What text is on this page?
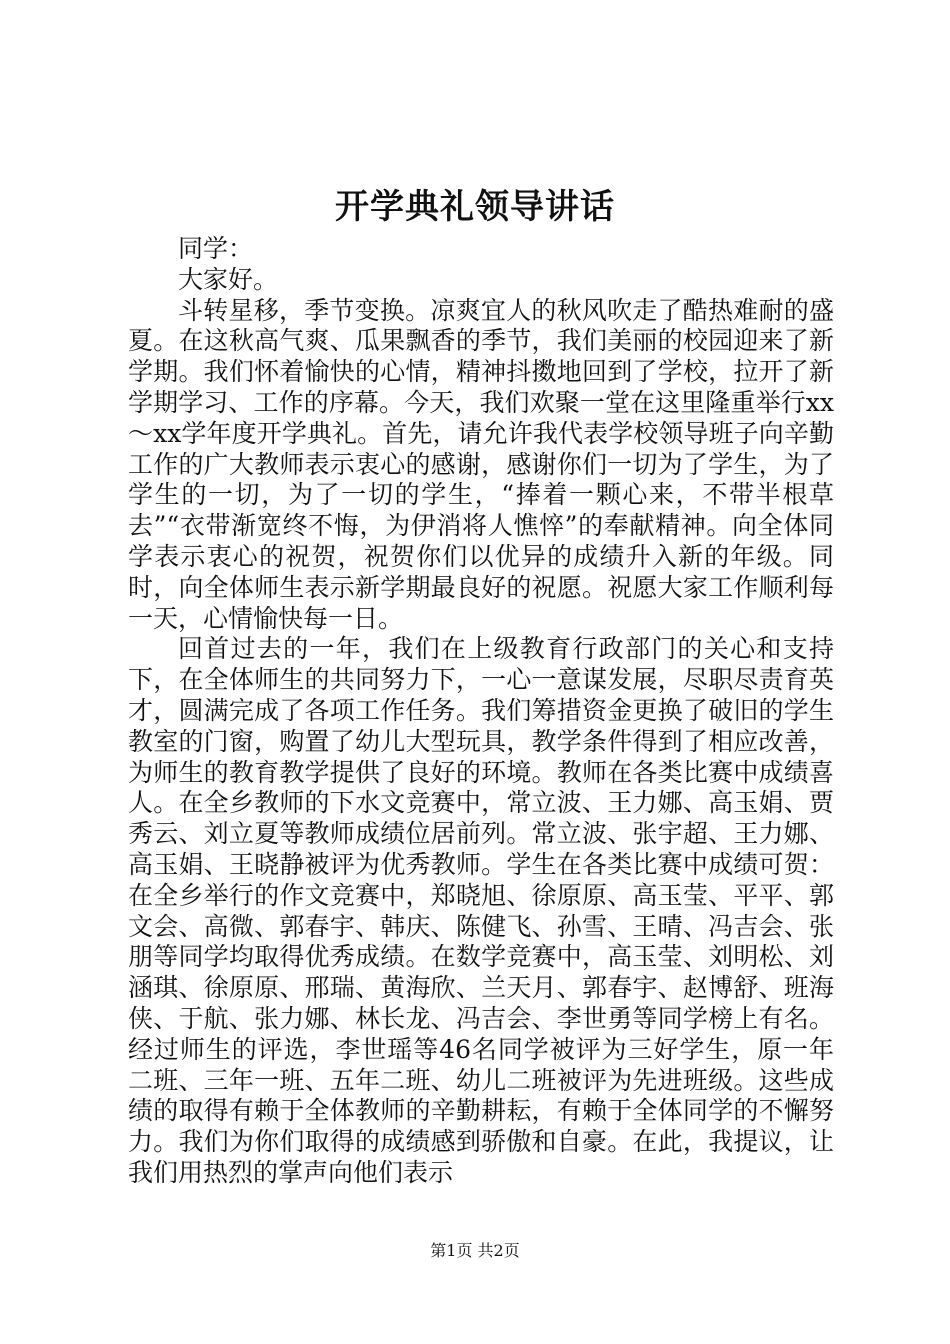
开学典礼领导讲话

同学：

大家好。

斗转星移，季节变换。凉爽宜人的秋风吹走了酷热难耐的盛夏。在这秋高气爽、瓜果飘香的季节，我们美丽的校园迎来了新学期。我们怀着愉快的心情，精神抖擞地回到了学校，拉开了新学期学习、工作的序幕。今天，我们欢聚一堂在这里隆重举行xx～xx学年度开学典礼。首先，请允许我代表学校领导班子向辛勤工作的广大教师表示衷心的感谢，感谢你们一切为了学生，为了学生的一切，为了一切的学生，“捧着一颗心来，不带半根草去”“衣带渐宽终不悔，为伊消将人憔悴”的奉献精神。向全体同学表示衷心的祝贺，祝贺你们以优异的成绩升入新的年级。同时，向全体师生表示新学期最良好的祝愿。祝愿大家工作顺利每一天，心情愉快每一日。

回首过去的一年，我们在上级教育行政部门的关心和支持下，在全体师生的共同努力下，一心一意谋发展，尽职尽责育英才，圆满完成了各项工作任务。我们筹措资金更换了破旧的学生教室的门窗，购置了幼儿大型玩具，教学条件得到了相应改善，为师生的教育教学提供了良好的环境。教师在各类比赛中成绩喜人。在全乡教师的下水文竞赛中，常立波、王力娜、高玉娟、贾秀云、刘立夏等教师成绩位居前列。常立波、张宇超、王力娜、高玉娟、王晓静被评为优秀教师。学生在各类比赛中成绩可贺：在全乡举行的作文竞赛中，郑晓旭、徐原原、高玉莹、平平、郭文会、高微、郭春宇、韩庆、陈健飞、孙雪、王晴、冯吉会、张朋等同学均取得优秀成绩。在数学竞赛中，高玉莹、刘明松、刘涵琪、徐原原、邢瑞、黄海欣、兰天月、郭春宇、赵博舒、班海侠、于航、张力娜、林长龙、冯吉会、李世勇等同学榜上有名。经过师生的评选，李世瑶等46名同学被评为三好学生，原一年二班、三年一班、五年二班、幼儿二班被评为先进班级。这些成绩的取得有赖于全体教师的辛勤耕耘，有赖于全体同学的不懈努力。我们为你们取得的成绩感到骄傲和自豪。在此，我提议，让我们用热烈的掌声向他们表示

第1页 共2页
